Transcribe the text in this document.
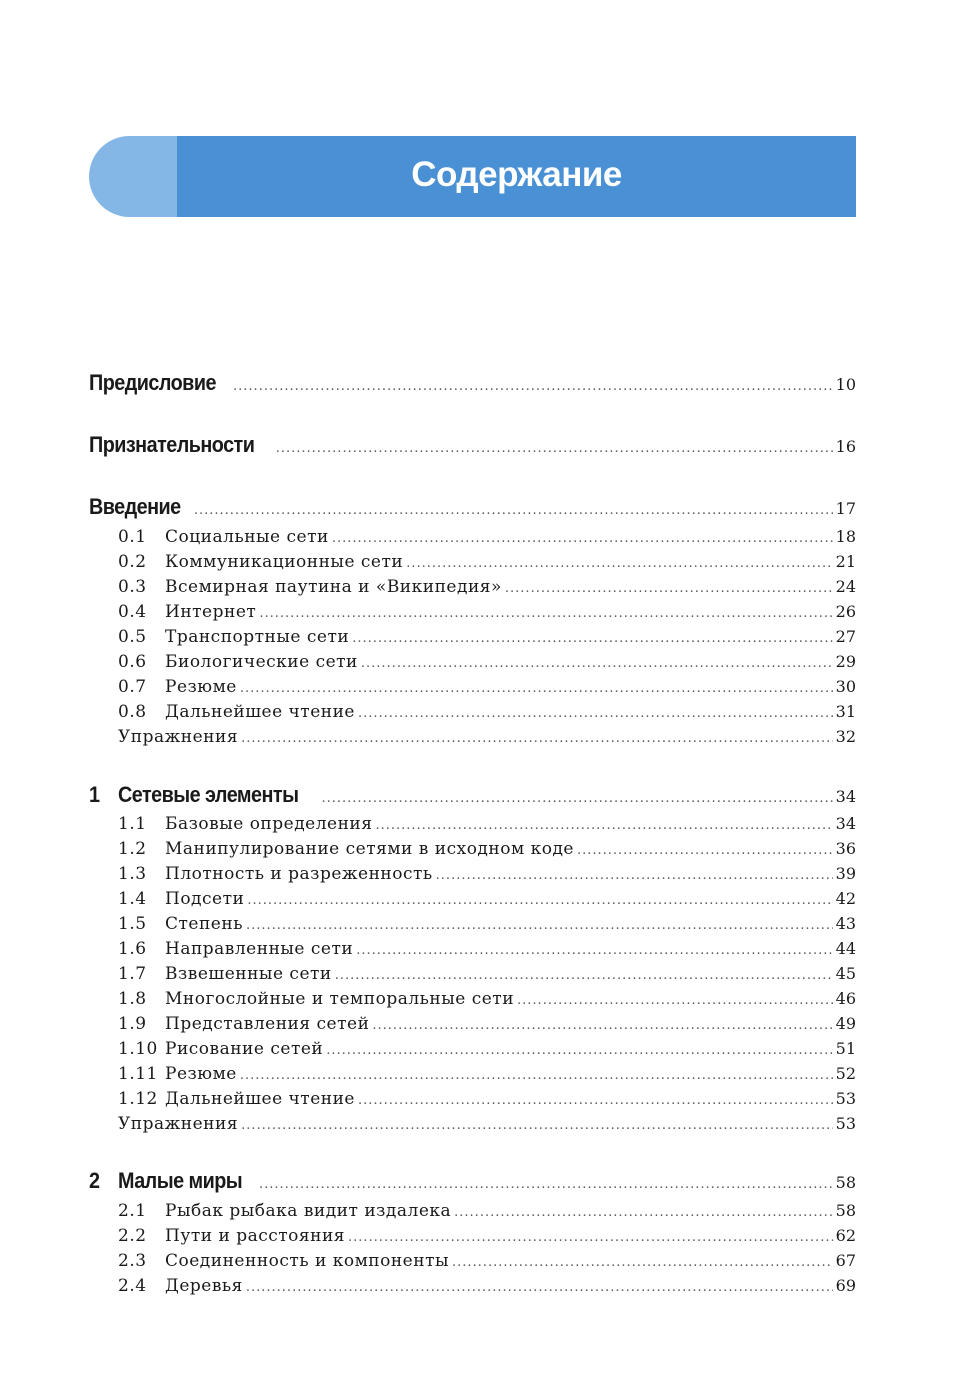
Содержание
Предисловие .....	10
Признательности .....	16
Введение .....	17
0.1	Социальные сети .....	18
0.2	Коммуникационные сети .....	21
0.3	Всемирная паутина и «Википедия» .....	24
0.4	Интернет .....	26
0.5	Транспортные сети .....	27
0.6	Биологические сети .....	29
0.7	Резюме .....	30
0.8	Дальнейшее чтение .....	31
Упражнения .....	32
1 Сетевые элементы .....	34
1.1	Базовые определения .....	34
1.2	Манипулирование сетями в исходном коде .....	36
1.3	Плотность и разреженность .....	39
1.4	Подсети .....	42
1.5	Степень .....	43
1.6	Направленные сети .....	44
1.7	Взвешенные сети .....	45
1.8	Многослойные и темпоральные сети .....	46
1.9	Представления сетей .....	49
1.10 Рисование сетей .....	51
1.11 Резюме .....	52
1.12 Дальнейшее чтение .....	53
Упражнения .....	53
2 Малые миры .....	58
2.1	Рыбак рыбака видит издалека .....	58
2.2	Пути и расстояния .....	62
2.3	Соединенность и компоненты .....	67
2.4	Деревья .....	69
